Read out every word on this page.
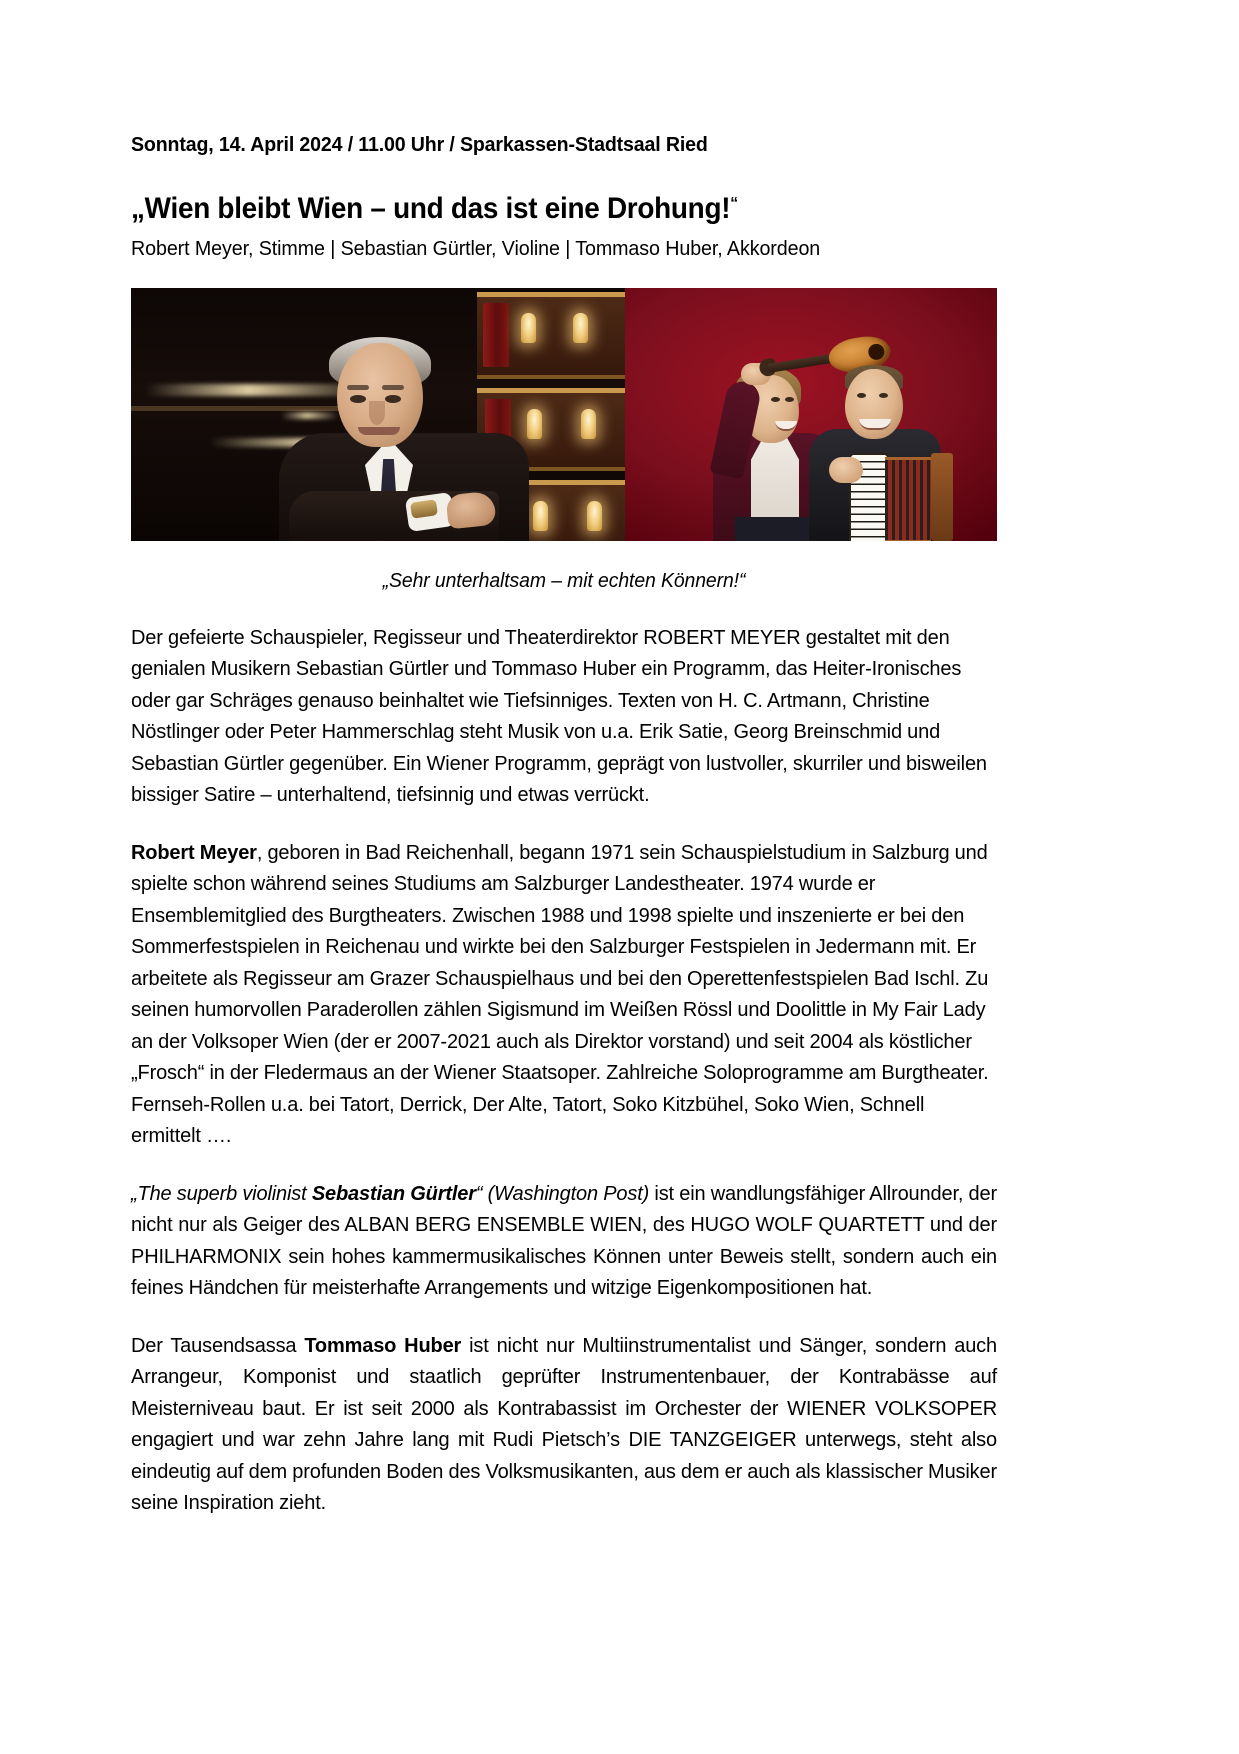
Sonntag, 14. April 2024 / 11.00 Uhr / Sparkassen-Stadtsaal Ried

„Wien bleibt Wien – und das ist eine Drohung!“

Robert Meyer, Stimme | Sebastian Gürtler, Violine | Tommaso Huber, Akkordeon

„Sehr unterhaltsam – mit echten Könnern!“

Der gefeierte Schauspieler, Regisseur und Theaterdirektor ROBERT MEYER gestaltet mit den genialen Musikern Sebastian Gürtler und Tommaso Huber ein Programm, das Heiter-Ironisches oder gar Schräges genauso beinhaltet wie Tiefsinniges. Texten von H. C. Artmann, Christine Nöstlinger oder Peter Hammerschlag steht Musik von u.a. Erik Satie, Georg Breinschmid und Sebastian Gürtler gegenüber. Ein Wiener Programm, geprägt von lustvoller, skurriler und bisweilen bissiger Satire – unterhaltend, tiefsinnig und etwas verrückt.

Robert Meyer, geboren in Bad Reichenhall, begann 1971 sein Schauspielstudium in Salzburg und spielte schon während seines Studiums am Salzburger Landestheater. 1974 wurde er Ensemblemitglied des Burgtheaters. Zwischen 1988 und 1998 spielte und inszenierte er bei den Sommerfestspielen in Reichenau und wirkte bei den Salzburger Festspielen in Jedermann mit. Er arbeitete als Regisseur am Grazer Schauspielhaus und bei den Operettenfestspielen Bad Ischl. Zu seinen humorvollen Paraderollen zählen Sigismund im Weißen Rössl und Doolittle in My Fair Lady an der Volksoper Wien (der er 2007-2021 auch als Direktor vorstand) und seit 2004 als köstlicher „Frosch“ in der Fledermaus an der Wiener Staatsoper. Zahlreiche Soloprogramme am Burgtheater. Fernseh-Rollen u.a. bei Tatort, Derrick, Der Alte, Tatort, Soko Kitzbühel, Soko Wien, Schnell ermittelt ….

„The superb violinist Sebastian Gürtler“ (Washington Post) ist ein wandlungsfähiger Allrounder, der nicht nur als Geiger des ALBAN BERG ENSEMBLE WIEN, des HUGO WOLF QUARTETT und der PHILHARMONIX sein hohes kammermusikalisches Können unter Beweis stellt, sondern auch ein feines Händchen für meisterhafte Arrangements und witzige Eigenkompositionen hat.

Der Tausendsassa Tommaso Huber ist nicht nur Multiinstrumentalist und Sänger, sondern auch Arrangeur, Komponist und staatlich geprüfter Instrumentenbauer, der Kontrabässe auf Meisterniveau baut. Er ist seit 2000 als Kontrabassist im Orchester der WIENER VOLKSOPER engagiert und war zehn Jahre lang mit Rudi Pietsch’s DIE TANZGEIGER unterwegs, steht also eindeutig auf dem profunden Boden des Volksmusikanten, aus dem er auch als klassischer Musiker seine Inspiration zieht.
